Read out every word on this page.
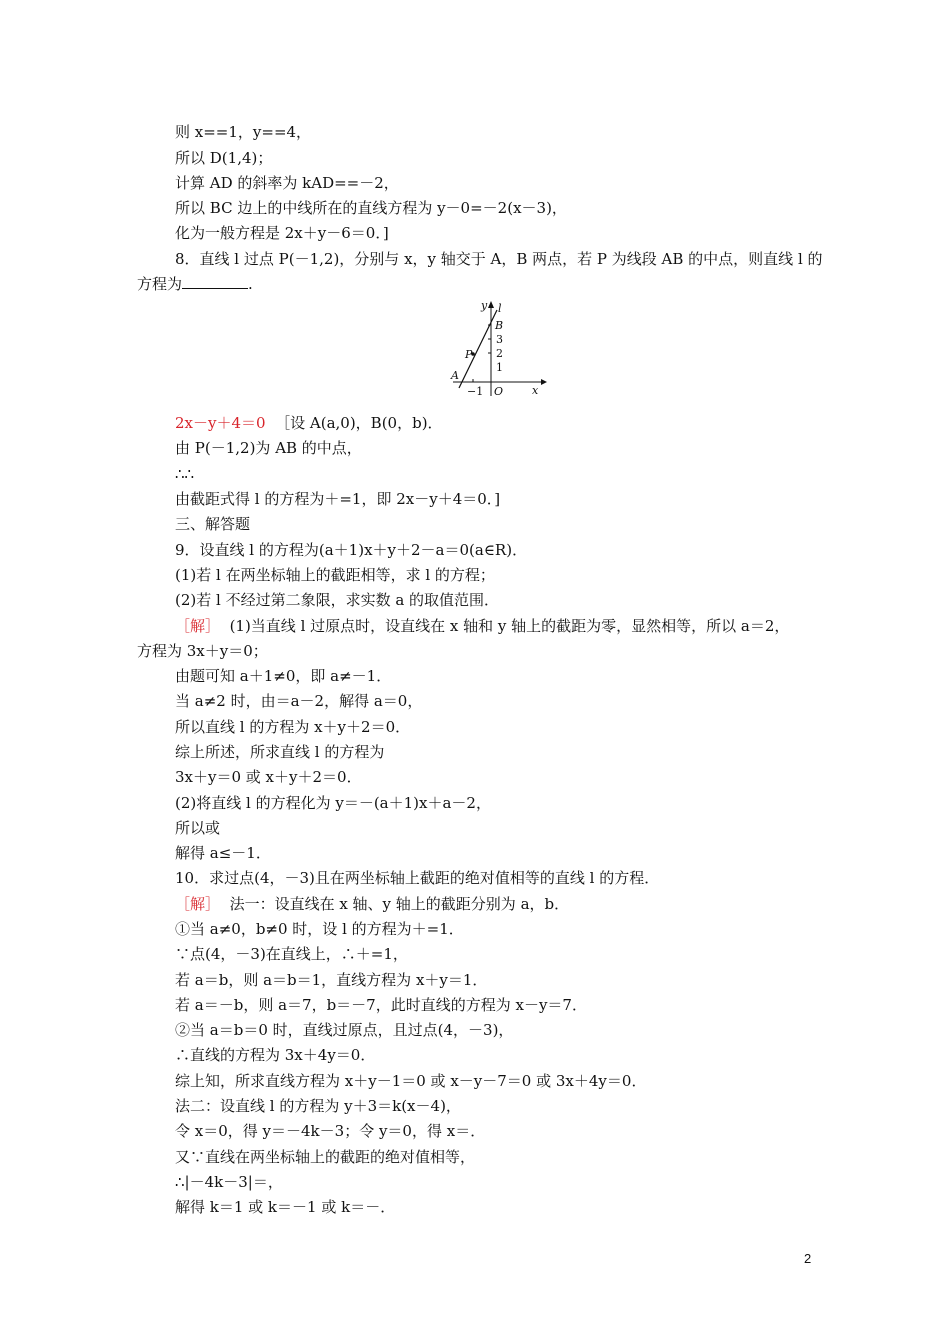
则 x==1，y==4，
所以 D(1,4)；
计算 AD 的斜率为 kAD==－2，
所以 BC 边上的中线所在的直线方程为 y－0=－2(x－3)，
化为一般方程是 2x＋y－6＝0．]
8．直线 l 过点 P(－1,2)，分别与 x，y 轴交于 A，B 两点，若 P 为线段 AB 的中点，则直线 l 的
方程为	.
y l
B
3
2
1
P
A
−1 O	x
2x－y＋4＝0 ［设 A(a,0)，B(0，b)．
由 P(－1,2)为 AB 的中点，
∴∴
由截距式得 l 的方程为＋=1，即 2x－y＋4＝0．]
三、解答题
9．设直线 l 的方程为(a＋1)x＋y＋2－a＝0(a∈R)．
(1)若 l 在两坐标轴上的截距相等，求 l 的方程；
(2)若 l 不经过第二象限，求实数 a 的取值范围．
［解］ (1)当直线 l 过原点时，设直线在 x 轴和 y 轴上的截距为零，显然相等，所以 a＝2，
方程为 3x＋y＝0；
由题可知 a＋1≠0，即 a≠－1．
当 a≠2 时，由＝a－2，解得 a＝0，
所以直线 l 的方程为 x＋y＋2＝0．
综上所述，所求直线 l 的方程为
3x＋y＝0 或 x＋y＋2＝0．
(2)将直线 l 的方程化为 y＝－(a＋1)x＋a－2，
所以或
解得 a≤－1．
10．求过点(4，－3)且在两坐标轴上截距的绝对值相等的直线 l 的方程．
［解］ 法一：设直线在 x 轴、y 轴上的截距分别为 a，b．
①当 a≠0，b≠0 时，设 l 的方程为＋=1．
∵点(4，－3)在直线上，∴＋=1，
若 a＝b，则 a＝b＝1，直线方程为 x＋y＝1．
若 a＝－b，则 a＝7，b＝－7，此时直线的方程为 x－y＝7．
②当 a＝b＝0 时，直线过原点，且过点(4，－3)，
∴直线的方程为 3x＋4y＝0．
综上知，所求直线方程为 x＋y－1＝0 或 x－y－7＝0 或 3x＋4y＝0．
法二：设直线 l 的方程为 y＋3＝k(x－4)，
令 x＝0，得 y＝－4k－3；令 y＝0，得 x＝．
又∵直线在两坐标轴上的截距的绝对值相等，
∴|－4k－3|＝，
解得 k＝1 或 k＝－1 或 k＝－．
2
